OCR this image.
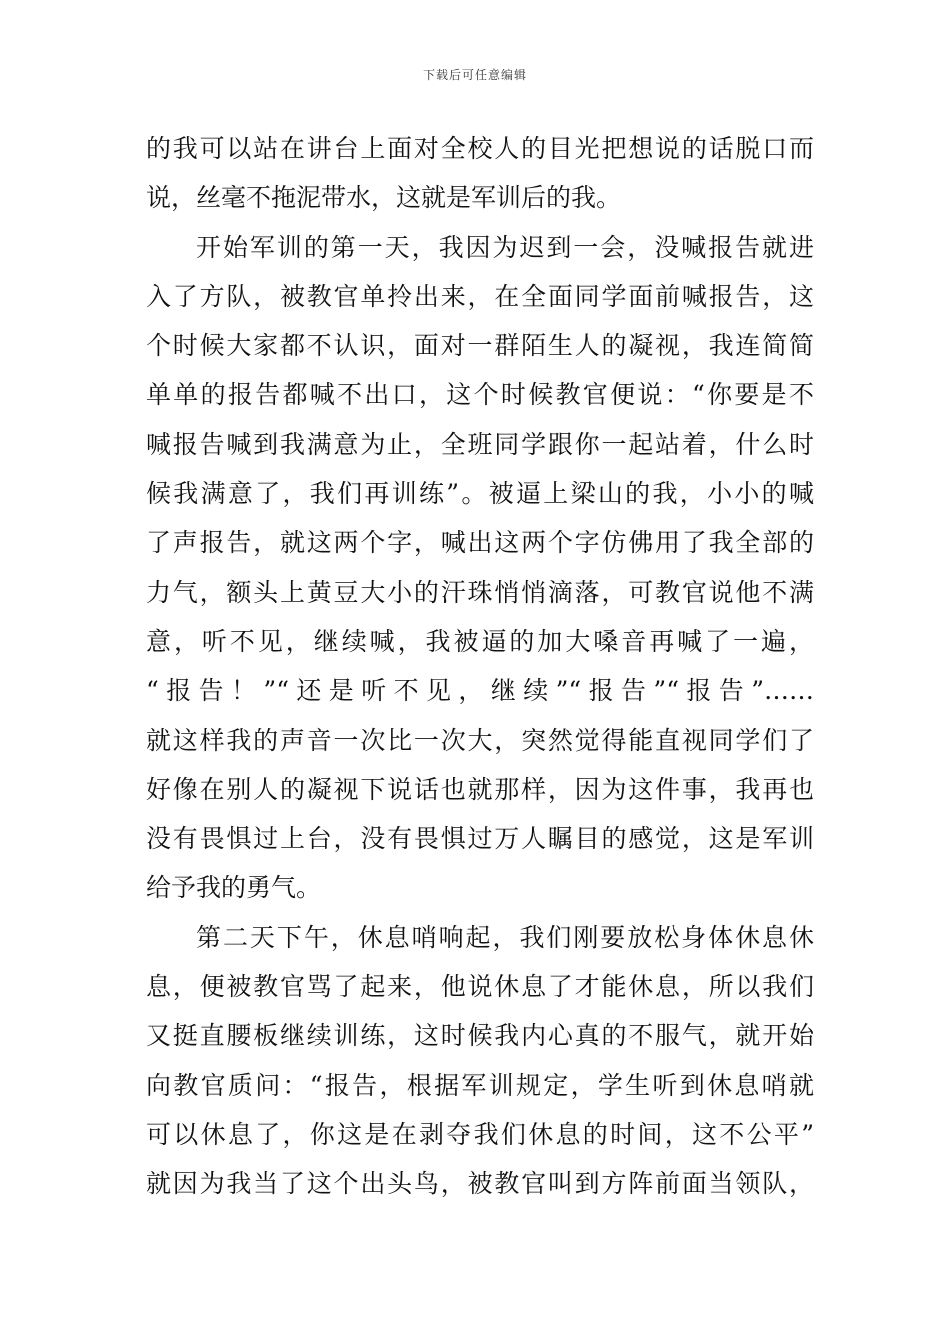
下载后可任意编辑
的我可以站在讲台上面对全校人的目光把想说的话脱口而
说，丝毫不拖泥带水，这就是军训后的我。
开始军训的第一天，我因为迟到一会，没喊报告就进
入了方队，被教官单拎出来，在全面同学面前喊报告，这
个时候大家都不认识，面对一群陌生人的凝视，我连简简
单单的报告都喊不出口，这个时候教官便说：“你要是不
喊报告喊到我满意为止，全班同学跟你一起站着，什么时
候我满意了，我们再训练”。被逼上梁山的我，小小的喊
了声报告，就这两个字，喊出这两个字仿佛用了我全部的
力气，额头上黄豆大小的汗珠悄悄滴落，可教官说他不满
意，听不见，继续喊，我被逼的加大嗓音再喊了一遍，
“报告！”“还是听不见，继续”“报告”“报告”……
就这样我的声音一次比一次大，突然觉得能直视同学们了
好像在别人的凝视下说话也就那样，因为这件事，我再也
没有畏惧过上台，没有畏惧过万人瞩目的感觉，这是军训
给予我的勇气。
第二天下午，休息哨响起，我们刚要放松身体休息休
息，便被教官骂了起来，他说休息了才能休息，所以我们
又挺直腰板继续训练，这时候我内心真的不服气，就开始
向教官质问：“报告，根据军训规定，学生听到休息哨就
可以休息了，你这是在剥夺我们休息的时间，这不公平”
就因为我当了这个出头鸟，被教官叫到方阵前面当领队，
